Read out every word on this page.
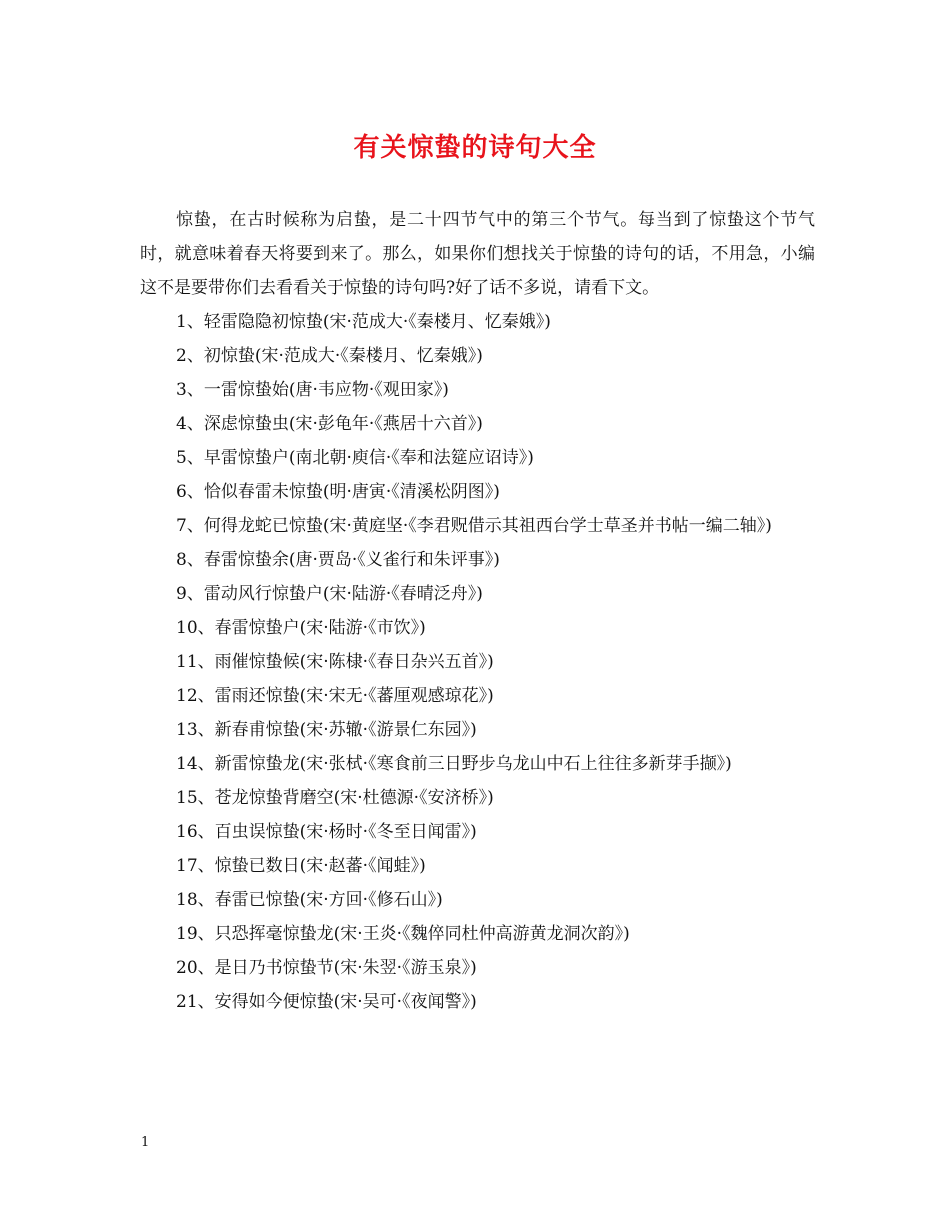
有关惊蛰的诗句大全

惊蛰，在古时候称为启蛰，是二十四节气中的第三个节气。每当到了惊蛰这个节气时，就意味着春天将要到来了。那么，如果你们想找关于惊蛰的诗句的话，不用急，小编这不是要带你们去看看关于惊蛰的诗句吗?好了话不多说，请看下文。

1、轻雷隐隐初惊蛰(宋·范成大·《秦楼月、忆秦娥》)

2、初惊蛰(宋·范成大·《秦楼月、忆秦娥》)

3、一雷惊蛰始(唐·韦应物·《观田家》)

4、深虑惊蛰虫(宋·彭龟年·《燕居十六首》)

5、早雷惊蛰户(南北朝·庾信·《奉和法筵应诏诗》)

6、恰似春雷未惊蛰(明·唐寅·《清溪松阴图》)

7、何得龙蛇已惊蛰(宋·黄庭坚·《李君贶借示其祖西台学士草圣并书帖一编二轴》)

8、春雷惊蛰余(唐·贾岛·《义雀行和朱评事》)

9、雷动风行惊蛰户(宋·陆游·《春晴泛舟》)

10、春雷惊蛰户(宋·陆游·《市饮》)

11、雨催惊蛰候(宋·陈棣·《春日杂兴五首》)

12、雷雨还惊蛰(宋·宋无·《蕃厘观感琼花》)

13、新春甫惊蛰(宋·苏辙·《游景仁东园》)

14、新雷惊蛰龙(宋·张栻·《寒食前三日野步乌龙山中石上往往多新芽手撷》)

15、苍龙惊蛰背磨空(宋·杜德源·《安济桥》)

16、百虫误惊蛰(宋·杨时·《冬至日闻雷》)

17、惊蛰已数日(宋·赵蕃·《闻蛙》)

18、春雷已惊蛰(宋·方回·《修石山》)

19、只恐挥毫惊蛰龙(宋·王炎·《魏倅同杜仲高游黄龙洞次韵》)

20、是日乃书惊蛰节(宋·朱翌·《游玉泉》)

21、安得如今便惊蛰(宋·吴可·《夜闻警》)

1
